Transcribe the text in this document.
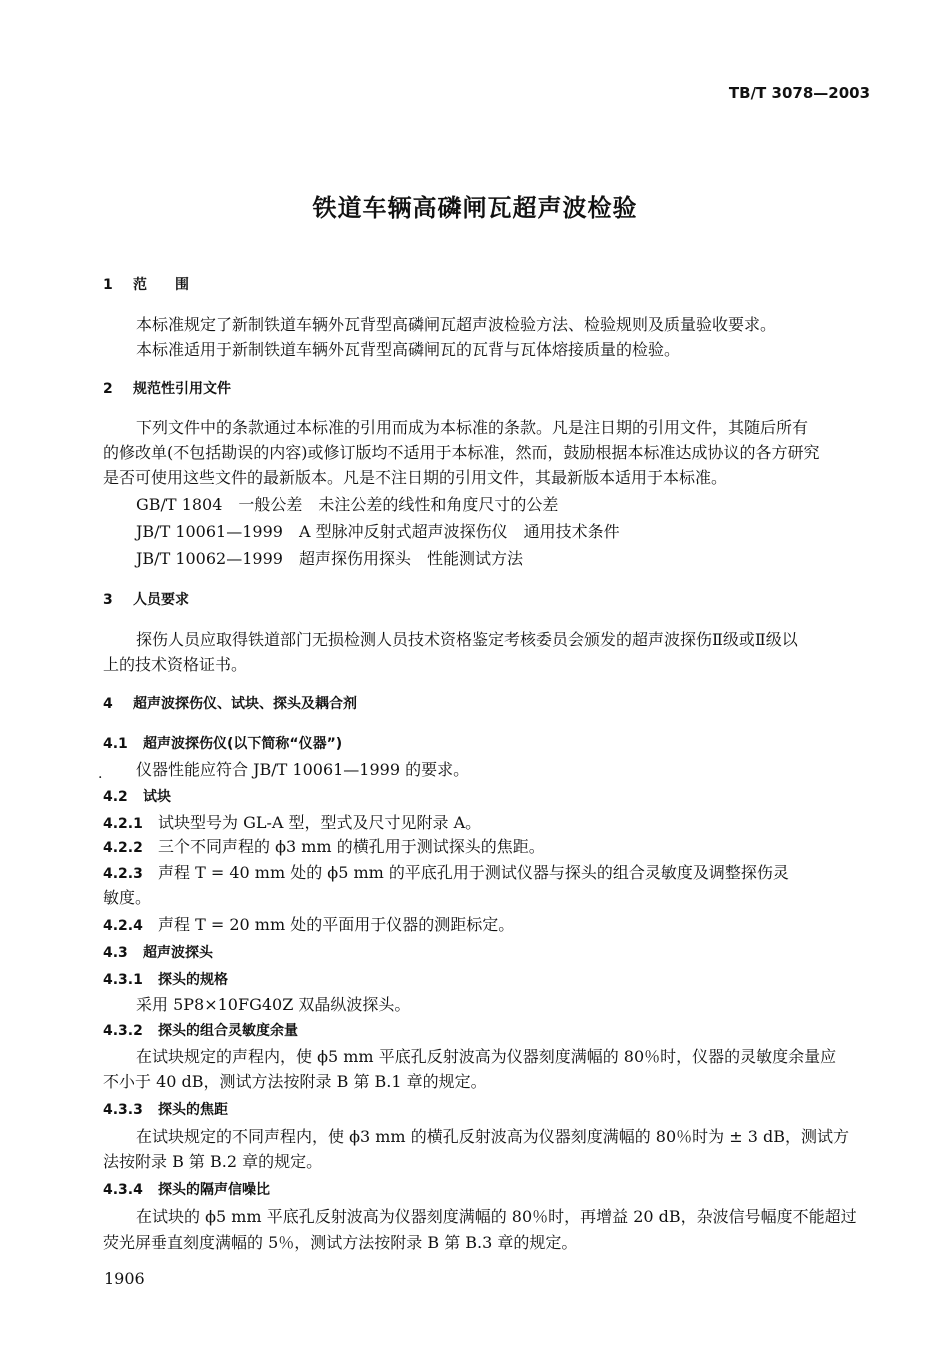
TB/T 3078—2003
铁道车辆高磷闸瓦超声波检验
1 范　　围
本标准规定了新制铁道车辆外瓦背型高磷闸瓦超声波检验方法、检验规则及质量验收要求。
本标准适用于新制铁道车辆外瓦背型高磷闸瓦的瓦背与瓦体熔接质量的检验。
2 规范性引用文件
下列文件中的条款通过本标准的引用而成为本标准的条款。凡是注日期的引用文件，其随后所有
的修改单(不包括勘误的内容)或修订版均不适用于本标准，然而，鼓励根据本标准达成协议的各方研究
是否可使用这些文件的最新版本。凡是不注日期的引用文件，其最新版本适用于本标准。
GB/T 1804　一般公差　未注公差的线性和角度尺寸的公差
JB/T 10061—1999　A 型脉冲反射式超声波探伤仪　通用技术条件
JB/T 10062—1999　超声探伤用探头　性能测试方法
3 人员要求
探伤人员应取得铁道部门无损检测人员技术资格鉴定考核委员会颁发的超声波探伤Ⅱ级或Ⅱ级以
上的技术资格证书。
4 超声波探伤仪、试块、探头及耦合剂
4.1 超声波探伤仪(以下简称“仪器”)
. 仪器性能应符合 JB/T 10061—1999 的要求。
4.2 试块
4.2.1 试块型号为 GL-A 型，型式及尺寸见附录 A。
4.2.2 三个不同声程的 ϕ3 mm 的横孔用于测试探头的焦距。
4.2.3 声程 T = 40 mm 处的 ϕ5 mm 的平底孔用于测试仪器与探头的组合灵敏度及调整探伤灵
敏度。
4.2.4 声程 T = 20 mm 处的平面用于仪器的测距标定。
4.3 超声波探头
4.3.1 探头的规格
采用 5P8×10FG40Z 双晶纵波探头。
4.3.2 探头的组合灵敏度余量
在试块规定的声程内，使 ϕ5 mm 平底孔反射波高为仪器刻度满幅的 80％时，仪器的灵敏度余量应
不小于 40 dB，测试方法按附录 B 第 B.1 章的规定。
4.3.3 探头的焦距
在试块规定的不同声程内，使 ϕ3 mm 的横孔反射波高为仪器刻度满幅的 80％时为 ± 3 dB，测试方
法按附录 B 第 B.2 章的规定。
4.3.4 探头的隔声信噪比
在试块的 ϕ5 mm 平底孔反射波高为仪器刻度满幅的 80％时，再增益 20 dB，杂波信号幅度不能超过
荧光屏垂直刻度满幅的 5％，测试方法按附录 B 第 B.3 章的规定。
1906
